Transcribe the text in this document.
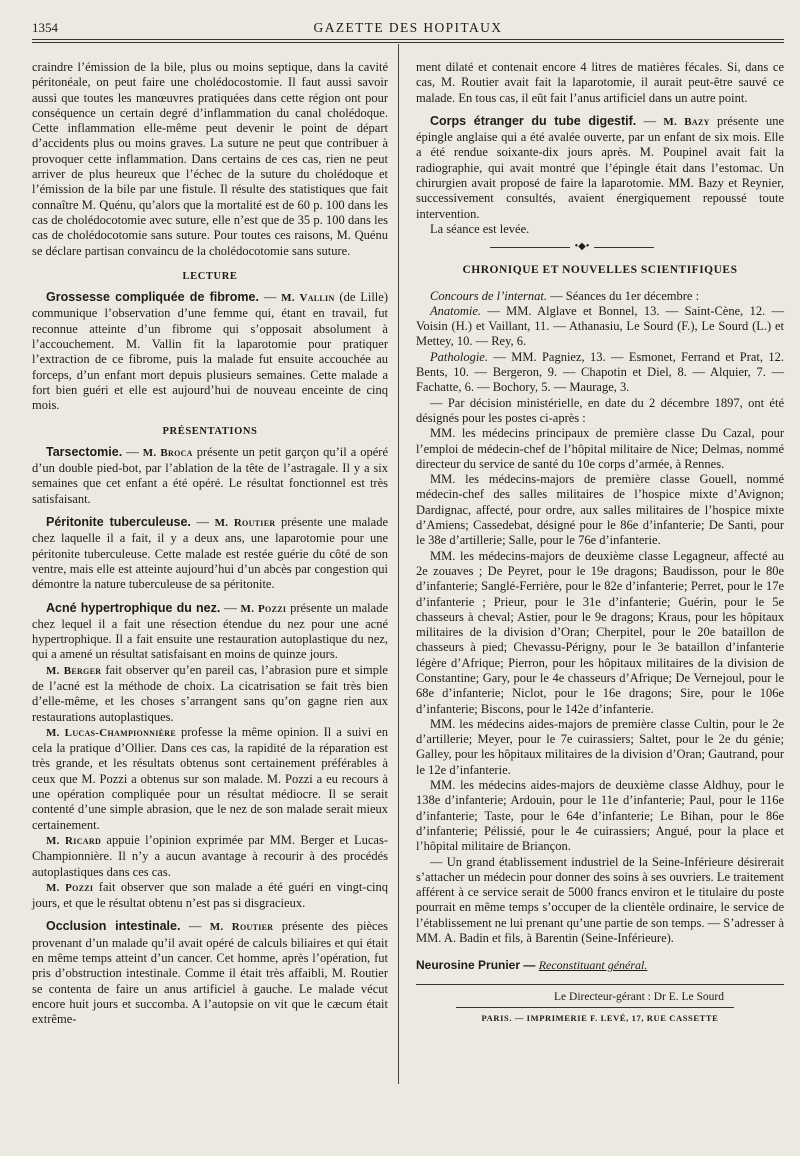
1354	GAZETTE DES HOPITAUX

craindre l’émission de la bile, plus ou moins septique, dans la cavité péritonéale, on peut faire une cholédocostomie. Il faut aussi savoir aussi que toutes les manœuvres pratiquées dans cette région ont pour conséquence un certain degré d’inflammation du canal cholédoque. Cette inflammation elle-même peut devenir le point de départ d’accidents plus ou moins graves. La suture ne peut que contribuer à provoquer cette inflammation. Dans certains de ces cas, rien ne peut arriver de plus heureux que l’échec de la suture du cholédoque et l’émission de la bile par une fistule. Il résulte des statistiques que fait connaître M. Quénu, qu’alors que la mortalité est de 60 p. 100 dans les cas de cholédocotomie avec suture, elle n’est que de 35 p. 100 dans les cas de cholédocotomie sans suture. Pour toutes ces raisons, M. Quénu se déclare partisan convaincu de la cholédocotomie sans suture.

LECTURE

Grossesse compliquée de fibrome. — M. Vallin (de Lille) communique l’observation d’une femme qui, étant en travail, fut reconnue atteinte d’un fibrome qui s’opposait absolument à l’accouchement. M. Vallin fit la laparotomie pour pratiquer l’extraction de ce fibrome, puis la malade fut ensuite accouchée au forceps, d’un enfant mort depuis plusieurs semaines. Cette malade a fort bien guéri et elle est aujourd’hui de nouveau enceinte de cinq mois.

PRÉSENTATIONS

Tarsectomie. — M. Broca présente un petit garçon qu’il a opéré d’un double pied-bot, par l’ablation de la tête de l’astragale. Il y a six semaines que cet enfant a été opéré. Le résultat fonctionnel est très satisfaisant.

Péritonite tuberculeuse. — M. Routier présente une malade chez laquelle il a fait, il y a deux ans, une laparotomie pour une péritonite tuberculeuse. Cette malade est restée guérie du côté de son ventre, mais elle est atteinte aujourd’hui d’un abcès par congestion qui démontre la nature tuberculeuse de sa péritonite.

Acné hypertrophique du nez. — M. Pozzi présente un malade chez lequel il a fait une résection étendue du nez pour une acné hypertrophique. Il a fait ensuite une restauration autoplastique du nez, qui a amené un résultat satisfaisant en moins de quinze jours.

M. Berger fait observer qu’en pareil cas, l’abrasion pure et simple de l’acné est la méthode de choix. La cicatrisation se fait très bien d’elle-même, et les choses s’arrangent sans qu’on gagne rien aux restaurations autoplastiques.

M. Lucas-Championnière professe la même opinion. Il a suivi en cela la pratique d’Ollier. Dans ces cas, la rapidité de la réparation est très grande, et les résultats obtenus sont certainement préférables à ceux que M. Pozzi a obtenus sur son malade. M. Pozzi a eu recours à une opération compliquée pour un résultat médiocre. Il se serait contenté d’une simple abrasion, que le nez de son malade serait mieux certainement.

M. Ricard appuie l’opinion exprimée par MM. Berger et Lucas-Championnière. Il n’y a aucun avantage à recourir à des procédés autoplastiques dans ces cas.

M. Pozzi fait observer que son malade a été guéri en vingt-cinq jours, et que le résultat obtenu n’est pas si disgracieux.

Occlusion intestinale. — M. Routier présente des pièces provenant d’un malade qu’il avait opéré de calculs biliaires et qui était en même temps atteint d’un cancer. Cet homme, après l’opération, fut pris d’obstruction intestinale. Comme il était très affaibli, M. Routier se contenta de faire un anus artificiel à gauche. Le malade vécut encore huit jours et succomba. A l’autopsie on vit que le cæcum était extrême-

ment dilaté et contenait encore 4 litres de matières fécales. Si, dans ce cas, M. Routier avait fait la laparotomie, il aurait peut-être sauvé ce malade. En tous cas, il eût fait l’anus artificiel dans un autre point.

Corps étranger du tube digestif. — M. Bazy présente une épingle anglaise qui a été avalée ouverte, par un enfant de six mois. Elle a été rendue soixante-dix jours après. M. Poupinel avait fait la radiographie, qui avait montré que l’épingle était dans l’estomac. Un chirurgien avait proposé de faire la laparotomie. MM. Bazy et Reynier, successivement consultés, avaient énergiquement repoussé toute intervention.

La séance est levée.

•◆•
CHRONIQUE ET NOUVELLES SCIENTIFIQUES

Concours de l’internat. — Séances du 1er décembre :

Anatomie. — MM. Alglave et Bonnel, 13. — Saint-Cène, 12. — Voisin (H.) et Vaillant, 11. — Athanasiu, Le Sourd (F.), Le Sourd (L.) et Mettey, 10. — Rey, 6.

Pathologie. — MM. Pagniez, 13. — Esmonet, Ferrand et Prat, 12. Bents, 10. — Bergeron, 9. — Chapotin et Diel, 8. — Alquier, 7. — Fachatte, 6. — Bochory, 5. — Maurage, 3.

— Par décision ministérielle, en date du 2 décembre 1897, ont été désignés pour les postes ci-après :

MM. les médecins principaux de première classe Du Cazal, pour l’emploi de médecin-chef de l’hôpital militaire de Nice; Delmas, nommé directeur du service de santé du 10e corps d’armée, à Rennes.

MM. les médecins-majors de première classe Gouell, nommé médecin-chef des salles militaires de l’hospice mixte d’Avignon; Dardignac, affecté, pour ordre, aux salles militaires de l’hospice mixte d’Amiens; Cassedebat, désigné pour le 86e d’infanterie; De Santi, pour le 38e d’artillerie; Salle, pour le 76e d’infanterie.

MM. les médecins-majors de deuxième classe Legagneur, affecté au 2e zouaves ; De Peyret, pour le 19e dragons; Baudisson, pour le 80e d’infanterie; Sanglé-Ferrière, pour le 82e d’infanterie; Perret, pour le 17e d’infanterie ; Prieur, pour le 31e d’infanterie; Guérin, pour le 5e chasseurs à cheval; Astier, pour le 9e dragons; Kraus, pour les hôpitaux militaires de la division d’Oran; Cherpitel, pour le 20e bataillon de chasseurs à pied; Chevassu-Périgny, pour le 3e bataillon d’infanterie légère d’Afrique; Pierron, pour les hôpitaux militaires de la division de Constantine; Gary, pour le 4e chasseurs d’Afrique; De Vernejoul, pour le 68e d’infanterie; Niclot, pour le 16e dragons; Sire, pour le 106e d’infanterie; Biscons, pour le 142e d’infanterie.

MM. les médecins aides-majors de première classe Cultin, pour le 2e d’artillerie; Meyer, pour le 7e cuirassiers; Saltet, pour le 2e du génie; Galley, pour les hôpitaux militaires de la division d’Oran; Gautrand, pour le 12e d’infanterie.

MM. les médecins aides-majors de deuxième classe Aldhuy, pour le 138e d’infanterie; Ardouin, pour le 11e d’infanterie; Paul, pour le 116e d’infanterie; Taste, pour le 64e d’infanterie; Le Bihan, pour le 86e d’infanterie; Pélissié, pour le 4e cuirassiers; Angué, pour la place et l’hôpital militaire de Briançon.

— Un grand établissement industriel de la Seine-Inférieure désirerait s’attacher un médecin pour donner des soins à ses ouvriers. Le traitement afférent à ce service serait de 5000 francs environ et le titulaire du poste pourrait en même temps s’occuper de la clientèle ordinaire, le service de l’établissement ne lui prenant qu’une partie de son temps. — S’adresser à MM. A. Badin et fils, à Barentin (Seine-Inférieure).

Neurosine Prunier — Reconstituant général.
Le Directeur-gérant : Dr E. Le Sourd
PARIS. — IMPRIMERIE F. LEVÉ, 17, RUE CASSETTE
